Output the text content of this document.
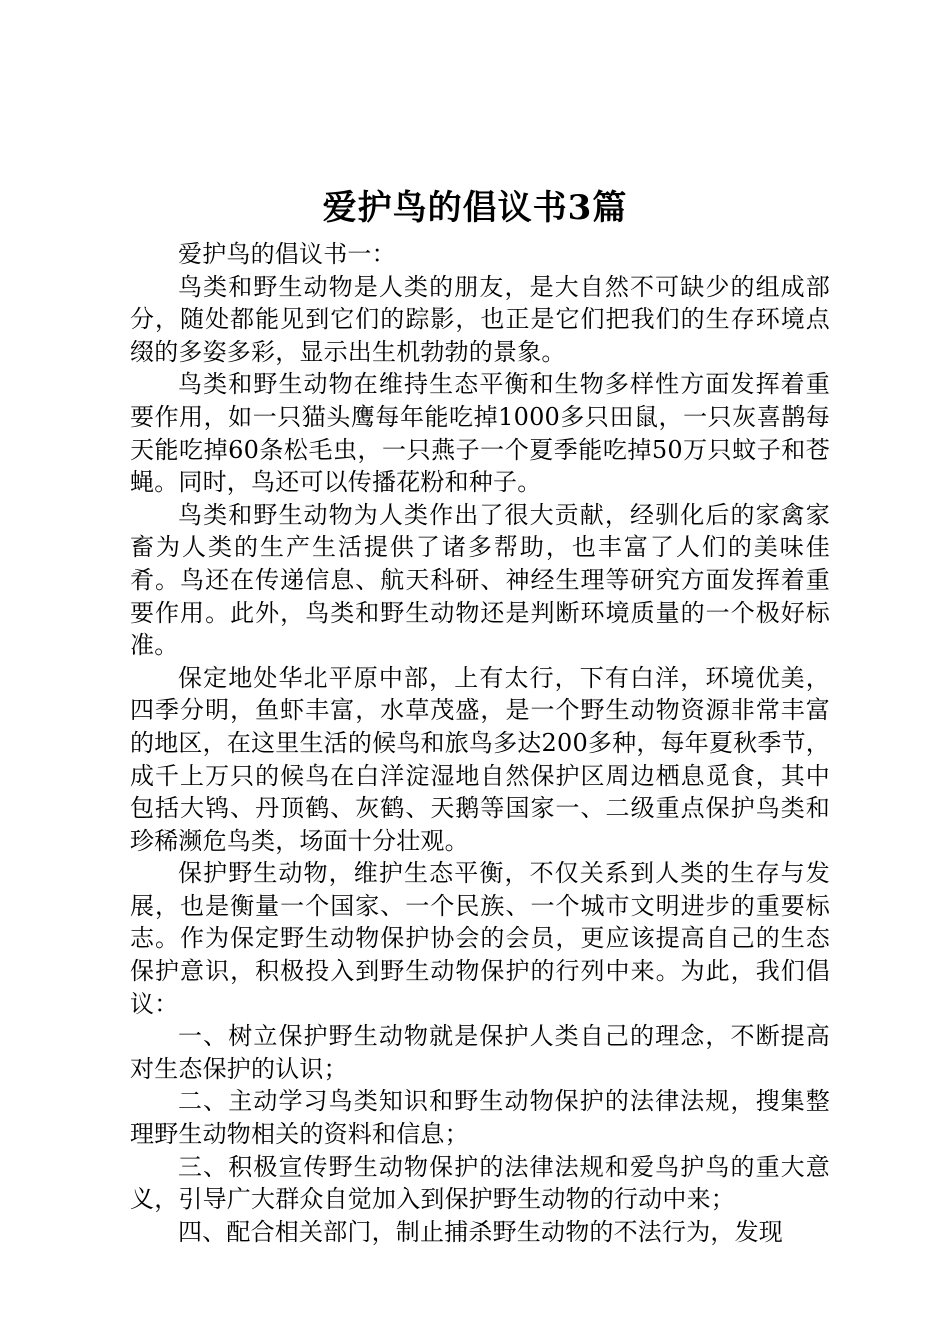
爱护鸟的倡议书3篇

爱护鸟的倡议书一：

鸟类和野生动物是人类的朋友，是大自然不可缺少的组成部分，随处都能见到它们的踪影，也正是它们把我们的生存环境点缀的多姿多彩，显示出生机勃勃的景象。

鸟类和野生动物在维持生态平衡和生物多样性方面发挥着重要作用，如一只猫头鹰每年能吃掉1000多只田鼠，一只灰喜鹊每天能吃掉60条松毛虫，一只燕子一个夏季能吃掉50万只蚊子和苍蝇。同时，鸟还可以传播花粉和种子。

鸟类和野生动物为人类作出了很大贡献，经驯化后的家禽家畜为人类的生产生活提供了诸多帮助，也丰富了人们的美味佳肴。鸟还在传递信息、航天科研、神经生理等研究方面发挥着重要作用。此外，鸟类和野生动物还是判断环境质量的一个极好标准。

保定地处华北平原中部，上有太行，下有白洋，环境优美，四季分明，鱼虾丰富，水草茂盛，是一个野生动物资源非常丰富的地区，在这里生活的候鸟和旅鸟多达200多种，每年夏秋季节，成千上万只的候鸟在白洋淀湿地自然保护区周边栖息觅食，其中包括大鸨、丹顶鹤、灰鹤、天鹅等国家一、二级重点保护鸟类和珍稀濒危鸟类，场面十分壮观。

保护野生动物，维护生态平衡，不仅关系到人类的生存与发展，也是衡量一个国家、一个民族、一个城市文明进步的重要标志。作为保定野生动物保护协会的会员，更应该提高自己的生态保护意识，积极投入到野生动物保护的行列中来。为此，我们倡议：

一、树立保护野生动物就是保护人类自己的理念，不断提高对生态保护的认识；

二、主动学习鸟类知识和野生动物保护的法律法规，搜集整理野生动物相关的资料和信息；

三、积极宣传野生动物保护的法律法规和爱鸟护鸟的重大意义，引导广大群众自觉加入到保护野生动物的行动中来；

四、配合相关部门，制止捕杀野生动物的不法行为，发现
